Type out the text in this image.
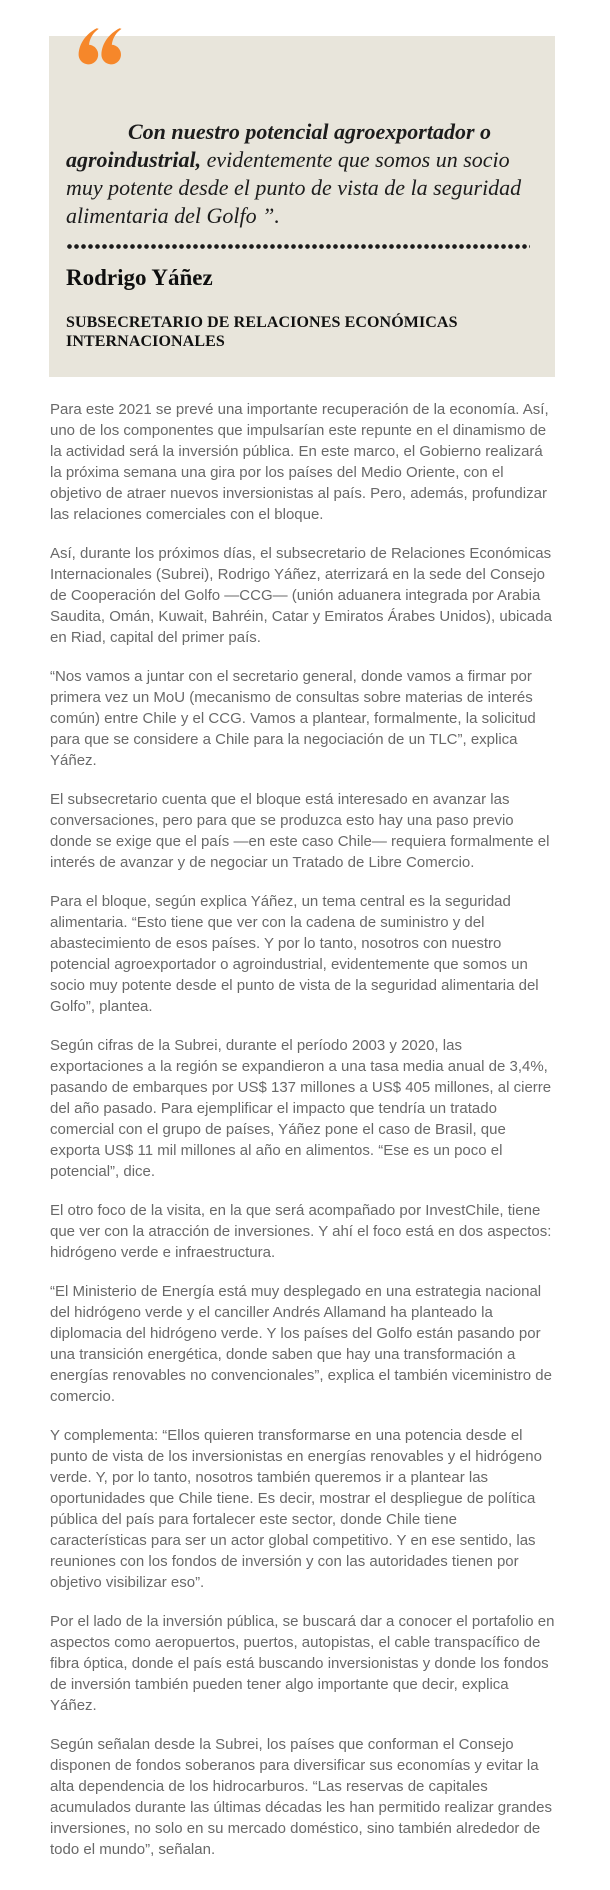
Con nuestro potencial agroexportador o agroindustrial, evidentemente que somos un socio muy potente desde el punto de vista de la seguridad alimentaria del Golfo ”.
Rodrigo Yáñez
SUBSECRETARIO DE RELACIONES ECONÓMICAS INTERNACIONALES

Para este 2021 se prevé una importante recuperación de la economía. Así, uno de los componentes que impulsarían este repunte en el dinamismo de la actividad será la inversión pública. En este marco, el Gobierno realizará la próxima semana una gira por los países del Medio Oriente, con el objetivo de atraer nuevos inversionistas al país. Pero, además, profundizar las relaciones comerciales con el bloque.

Así, durante los próximos días, el subsecretario de Relaciones Económicas Internacionales (Subrei), Rodrigo Yáñez, aterrizará en la sede del Consejo de Cooperación del Golfo —CCG— (unión aduanera integrada por Arabia Saudita, Omán, Kuwait, Bahréin, Catar y Emiratos Árabes Unidos), ubicada en Riad, capital del primer país.

“Nos vamos a juntar con el secretario general, donde vamos a firmar por primera vez un MoU (mecanismo de consultas sobre materias de interés común) entre Chile y el CCG. Vamos a plantear, formalmente, la solicitud para que se considere a Chile para la negociación de un TLC”, explica Yáñez.

El subsecretario cuenta que el bloque está interesado en avanzar las conversaciones, pero para que se produzca esto hay una paso previo donde se exige que el país —en este caso Chile— requiera formalmente el interés de avanzar y de negociar un Tratado de Libre Comercio.

Para el bloque, según explica Yáñez, un tema central es la seguridad alimentaria. “Esto tiene que ver con la cadena de suministro y del abastecimiento de esos países. Y por lo tanto, nosotros con nuestro potencial agroexportador o agroindustrial, evidentemente que somos un socio muy potente desde el punto de vista de la seguridad alimentaria del Golfo”, plantea.

Según cifras de la Subrei, durante el período 2003 y 2020, las exportaciones a la región se expandieron a una tasa media anual de 3,4%, pasando de embarques por US$ 137 millones a US$ 405 millones, al cierre del año pasado. Para ejemplificar el impacto que tendría un tratado comercial con el grupo de países, Yáñez pone el caso de Brasil, que exporta US$ 11 mil millones al año en alimentos. “Ese es un poco el potencial”, dice.

El otro foco de la visita, en la que será acompañado por InvestChile, tiene que ver con la atracción de inversiones. Y ahí el foco está en dos aspectos: hidrógeno verde e infraestructura.

“El Ministerio de Energía está muy desplegado en una estrategia nacional del hidrógeno verde y el canciller Andrés Allamand ha planteado la diplomacia del hidrógeno verde. Y los países del Golfo están pasando por una transición energética, donde saben que hay una transformación a energías renovables no convencionales”, explica el también viceministro de comercio.

Y complementa: “Ellos quieren transformarse en una potencia desde el punto de vista de los inversionistas en energías renovables y el hidrógeno verde. Y, por lo tanto, nosotros también queremos ir a plantear las oportunidades que Chile tiene. Es decir, mostrar el despliegue de política pública del país para fortalecer este sector, donde Chile tiene características para ser un actor global competitivo. Y en ese sentido, las reuniones con los fondos de inversión y con las autoridades tienen por objetivo visibilizar eso”.

Por el lado de la inversión pública, se buscará dar a conocer el portafolio en aspectos como aeropuertos, puertos, autopistas, el cable transpacífico de fibra óptica, donde el país está buscando inversionistas y donde los fondos de inversión también pueden tener algo importante que decir, explica Yáñez.

Según señalan desde la Subrei, los países que conforman el Consejo disponen de fondos soberanos para diversificar sus economías y evitar la alta dependencia de los hidrocarburos. “Las reservas de capitales acumulados durante las últimas décadas les han permitido realizar grandes inversiones, no solo en su mercado doméstico, sino también alrededor de todo el mundo”, señalan.
